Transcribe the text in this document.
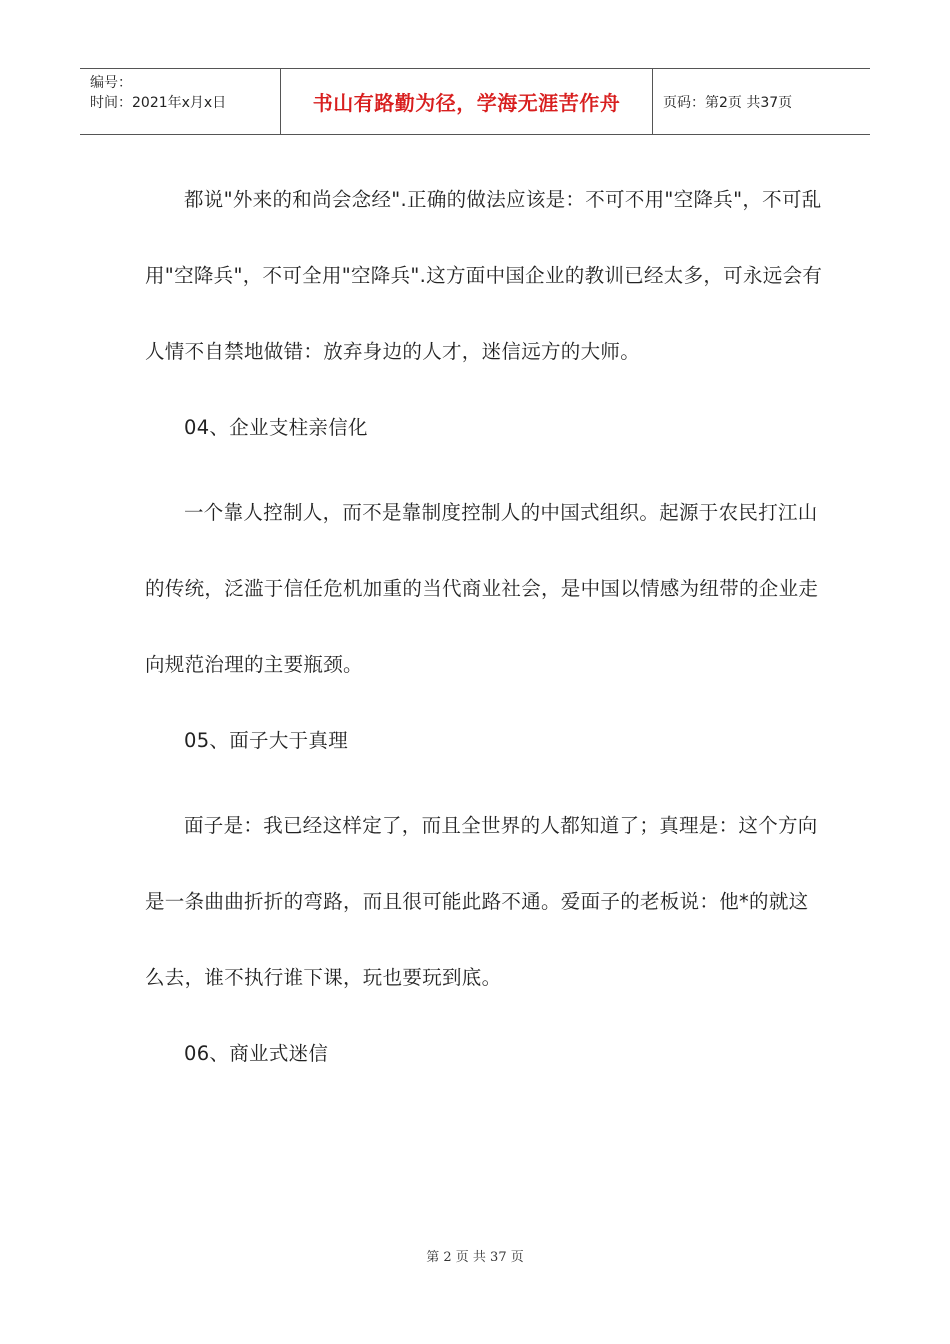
编号：
时间：2021年x月x日	书山有路勤为径，学海无涯苦作舟	页码：第2页 共37页

都说"外来的和尚会念经".正确的做法应该是：不可不用"空降兵"，不可乱用"空降兵"，不可全用"空降兵".这方面中国企业的教训已经太多，可永远会有人情不自禁地做错：放弃身边的人才，迷信远方的大师。

04、企业支柱亲信化

一个靠人控制人，而不是靠制度控制人的中国式组织。起源于农民打江山的传统，泛滥于信任危机加重的当代商业社会，是中国以情感为纽带的企业走向规范治理的主要瓶颈。

05、面子大于真理

面子是：我已经这样定了，而且全世界的人都知道了；真理是：这个方向是一条曲曲折折的弯路，而且很可能此路不通。爱面子的老板说：他*的就这么去，谁不执行谁下课，玩也要玩到底。

06、商业式迷信

第 2 页 共 37 页
